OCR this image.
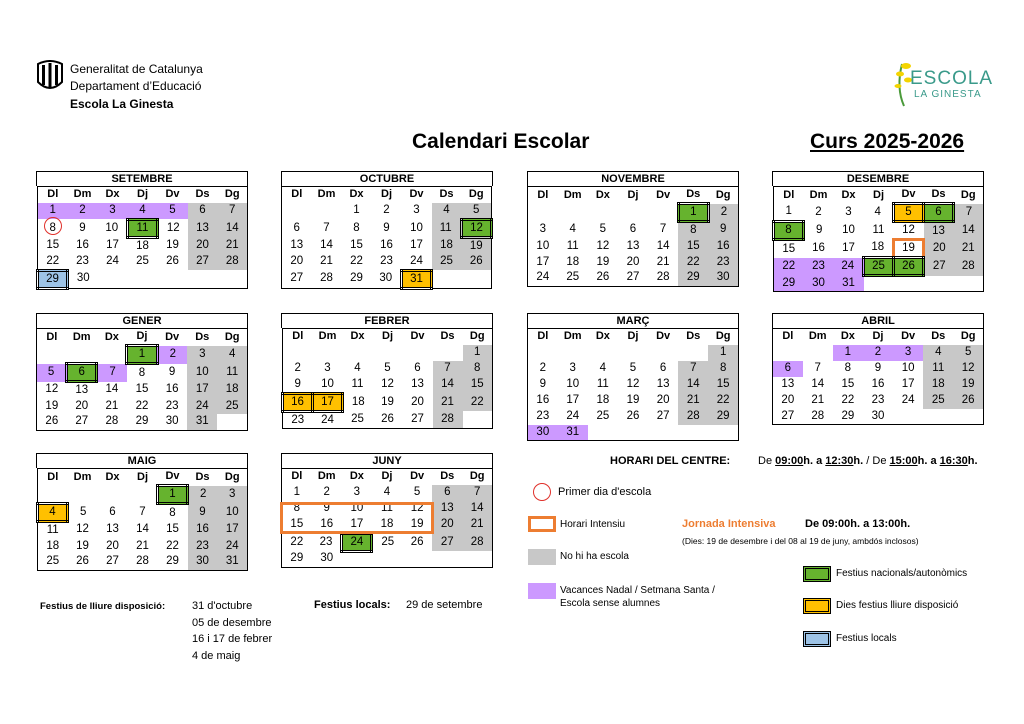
Generalitat de Catalunya
Departament d’Educació
Escola La Ginesta
ESCOLA
LA GINESTA
Calendari Escolar	Curs 2025-2026
SETEMBRE
Dl	Dm	Dx	Dj	Dv	Ds	Dg
1	2	3	4	5	6	7

8	9	10	11	12	13	14
15	16	17	18	19	20	21
22	23	24	25	26	27	28
29	30					
OCTUBRE
Dl	Dm	Dx	Dj	Dv	Ds	Dg
		1	2	3	4	5
6	7	8	9	10	11	12
13	14	15	16	17	18	19
20	21	22	23	24	25	26
27	28	29	30	31		
NOVEMBRE
Dl	Dm	Dx	Dj	Dv	Ds	Dg
					1	2
3	4	5	6	7	8	9
10	11	12	13	14	15	16
17	18	19	20	21	22	23
24	25	26	27	28	29	30
DESEMBRE
Dl	Dm	Dx	Dj	Dv	Ds	Dg
1	2	3	4	5	6	7
8	9	10	11	12	13	14
15	16	17	18	19	20	21
22	23	24	25	26	27	28
29	30	31				
GENER
Dl	Dm	Dx	Dj	Dv	Ds	Dg
			1	2	3	4
5	6	7	8	9	10	11
12	13	14	15	16	17	18
19	20	21	22	23	24	25
26	27	28	29	30	31	
FEBRER
Dl	Dm	Dx	Dj	Dv	Ds	Dg
						1
2	3	4	5	6	7	8
9	10	11	12	13	14	15
16	17	18	19	20	21	22
23	24	25	26	27	28	
MARÇ
Dl	Dm	Dx	Dj	Dv	Ds	Dg
						1
2	3	4	5	6	7	8
9	10	11	12	13	14	15
16	17	18	19	20	21	22
23	24	25	26	27	28	29
30	31					
ABRIL
Dl	Dm	Dx	Dj	Dv	Ds	Dg
		1	2	3	4	5
6	7	8	9	10	11	12
13	14	15	16	17	18	19
20	21	22	23	24	25	26
27	28	29	30			
MAIG
Dl	Dm	Dx	Dj	Dv	Ds	Dg
				1	2	3
4	5	6	7	8	9	10
11	12	13	14	15	16	17
18	19	20	21	22	23	24
25	26	27	28	29	30	31
JUNY
Dl	Dm	Dx	Dj	Dv	Ds	Dg
1	2	3	4	5	6	7
8	9	10	11	12	13	14
15	16	17	18	19	20	21
22	23	24	25	26	27	28
29	30					
HORARI DEL CENTRE:	De 09:00h. a 12:30h. / De 15:00h. a 16:30h.
Primer dia d'escola
Horari Intensiu	Jornada Intensiva	De 09:00h. a 13:00h.
(Dies: 19 de desembre i del 08 al 19 de juny, ambdós inclosos)
No hi ha escola
Vacances Nadal / Setmana Santa /
Escola sense alumnes
Festius nacionals/autonòmics
Dies festius lliure disposició
Festius locals
Festius de lliure disposició: 31 d'octubre
05 de desembre
16 i 17 de febrer
4 de maig
Festius locals: 29 de setembre
